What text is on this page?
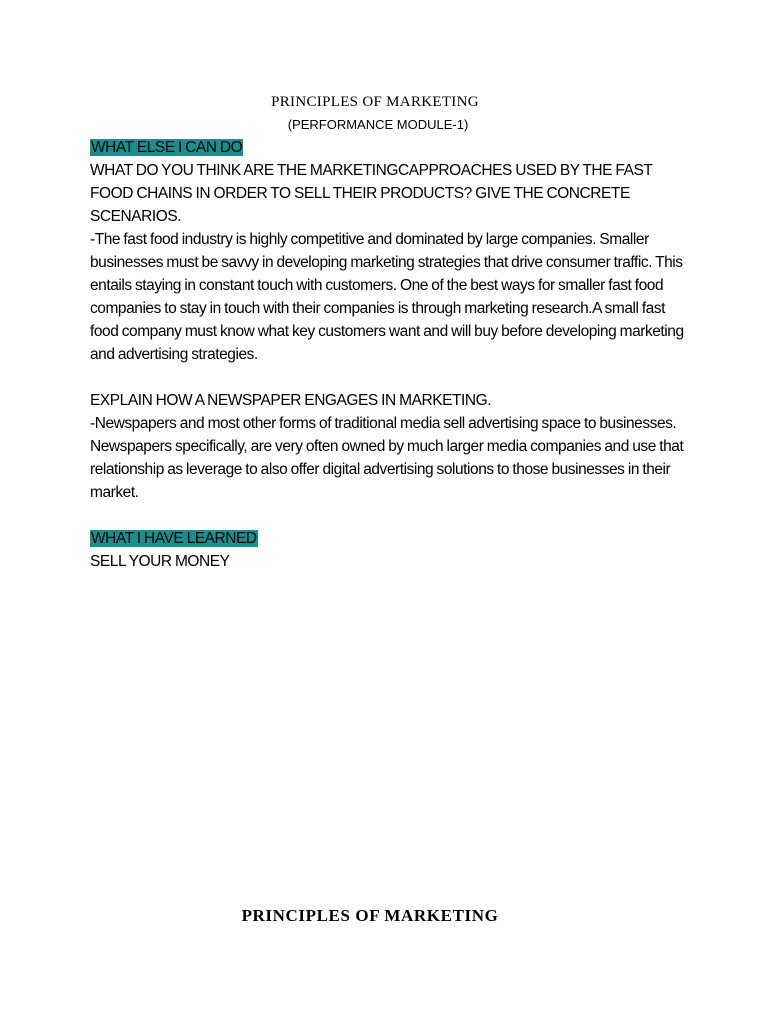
PRINCIPLES OF MARKETING
(PERFORMANCE MODULE-1)

WHAT ELSE I CAN DO

WHAT DO YOU THINK ARE THE MARKETINGCAPPROACHES USED BY THE FAST FOOD CHAINS IN ORDER TO SELL THEIR PRODUCTS? GIVE THE CONCRETE SCENARIOS.

-The fast food industry is highly competitive and dominated by large companies. Smaller businesses must be savvy in developing marketing strategies that drive consumer traffic. This entails staying in constant touch with customers. One of the best ways for smaller fast food companies to stay in touch with their companies is through marketing research.A small fast food company must know what key customers want and will buy before developing marketing and advertising strategies.

EXPLAIN HOW A NEWSPAPER ENGAGES IN MARKETING.

-Newspapers and most other forms of traditional media sell advertising space to businesses. Newspapers specifically, are very often owned by much larger media companies and use that relationship as leverage to also offer digital advertising solutions to those businesses in their market.

WHAT I HAVE LEARNED

SELL YOUR MONEY

PRINCIPLES OF MARKETING
